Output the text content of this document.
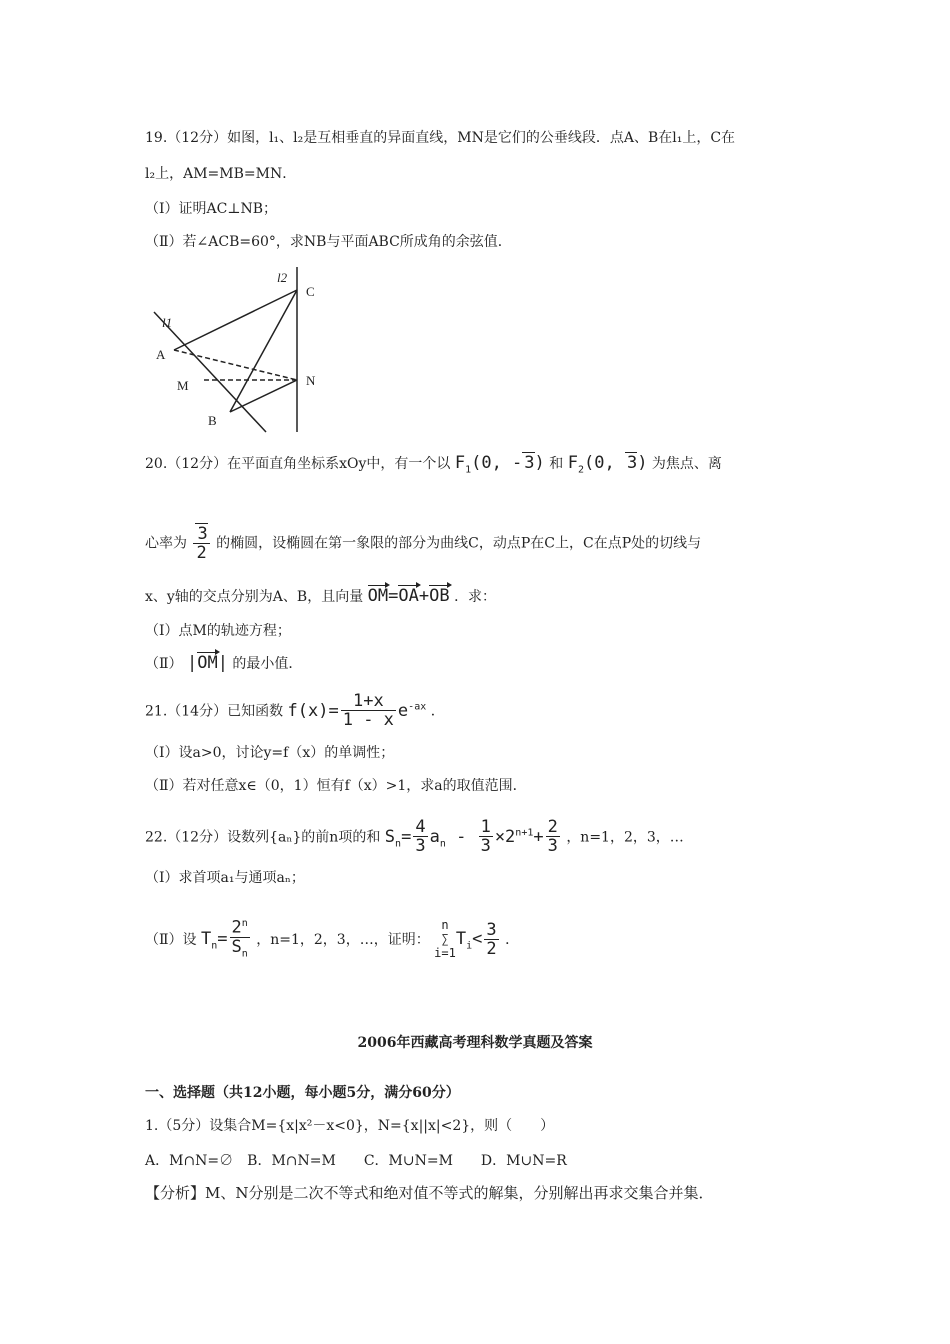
19.（12分）如图，l₁、l₂是互相垂直的异面直线，MN是它们的公垂线段．点A、B在l₁上，C在
l₂上，AM=MB=MN．
（Ⅰ）证明AC⊥NB；
（Ⅱ）若∠ACB=60°，求NB与平面ABC所成角的余弦值．
l1
l2
A
M
B
C
N
20.（12分）在平面直角坐标系xOy中，有一个以 $F_1(0$, - 3) 和 $F_2(0$, 3) 为焦点、离
心率为 $\frac{3}{2}$ 的椭圆，设椭圆在第一象限的部分为曲线C，动点P在C上，C在点P处的切线与
x、y轴的交点分别为A、B，且向量 OM=OA+OB ．求：
（Ⅰ）点M的轨迹方程；
（Ⅱ） |OM| 的最小值．
21.（14分）已知函数 $f(x)= \frac{1+x}{1 - x} e^{-ax}$ ．
（Ⅰ）设a>0，讨论y=f（x）的单调性；
（Ⅱ）若对任意x∈（0，1）恒有f（x）>1，求a的取值范围．
22.（12分）设数列{aₙ}的前n项的和 $S_n= \frac{4}{3} a_n - \frac{1}{3} \times 2^{n+1}+ \frac{2}{3}$ ，n=1，2，3，…
（Ⅰ）求首项a₁与通项aₙ；
（Ⅱ）设 $T_n= \frac{2^n}{S_n}$ ，n=1，2，3，…，证明： n
∑
$i=1T_i< \frac{3}{2}$ ．
2006年西藏高考理科数学真题及答案
一、选择题（共12小题，每小题5分，满分60分）
1.（5分）设集合M={x|x²－x<0}，N={x||x|<2}，则（　　）
A．M∩N=∅　B．M∩N=M　　C．M∪N=M　　D．M∪N=R
【分析】M、N分别是二次不等式和绝对值不等式的解集，分别解出再求交集合并集．
